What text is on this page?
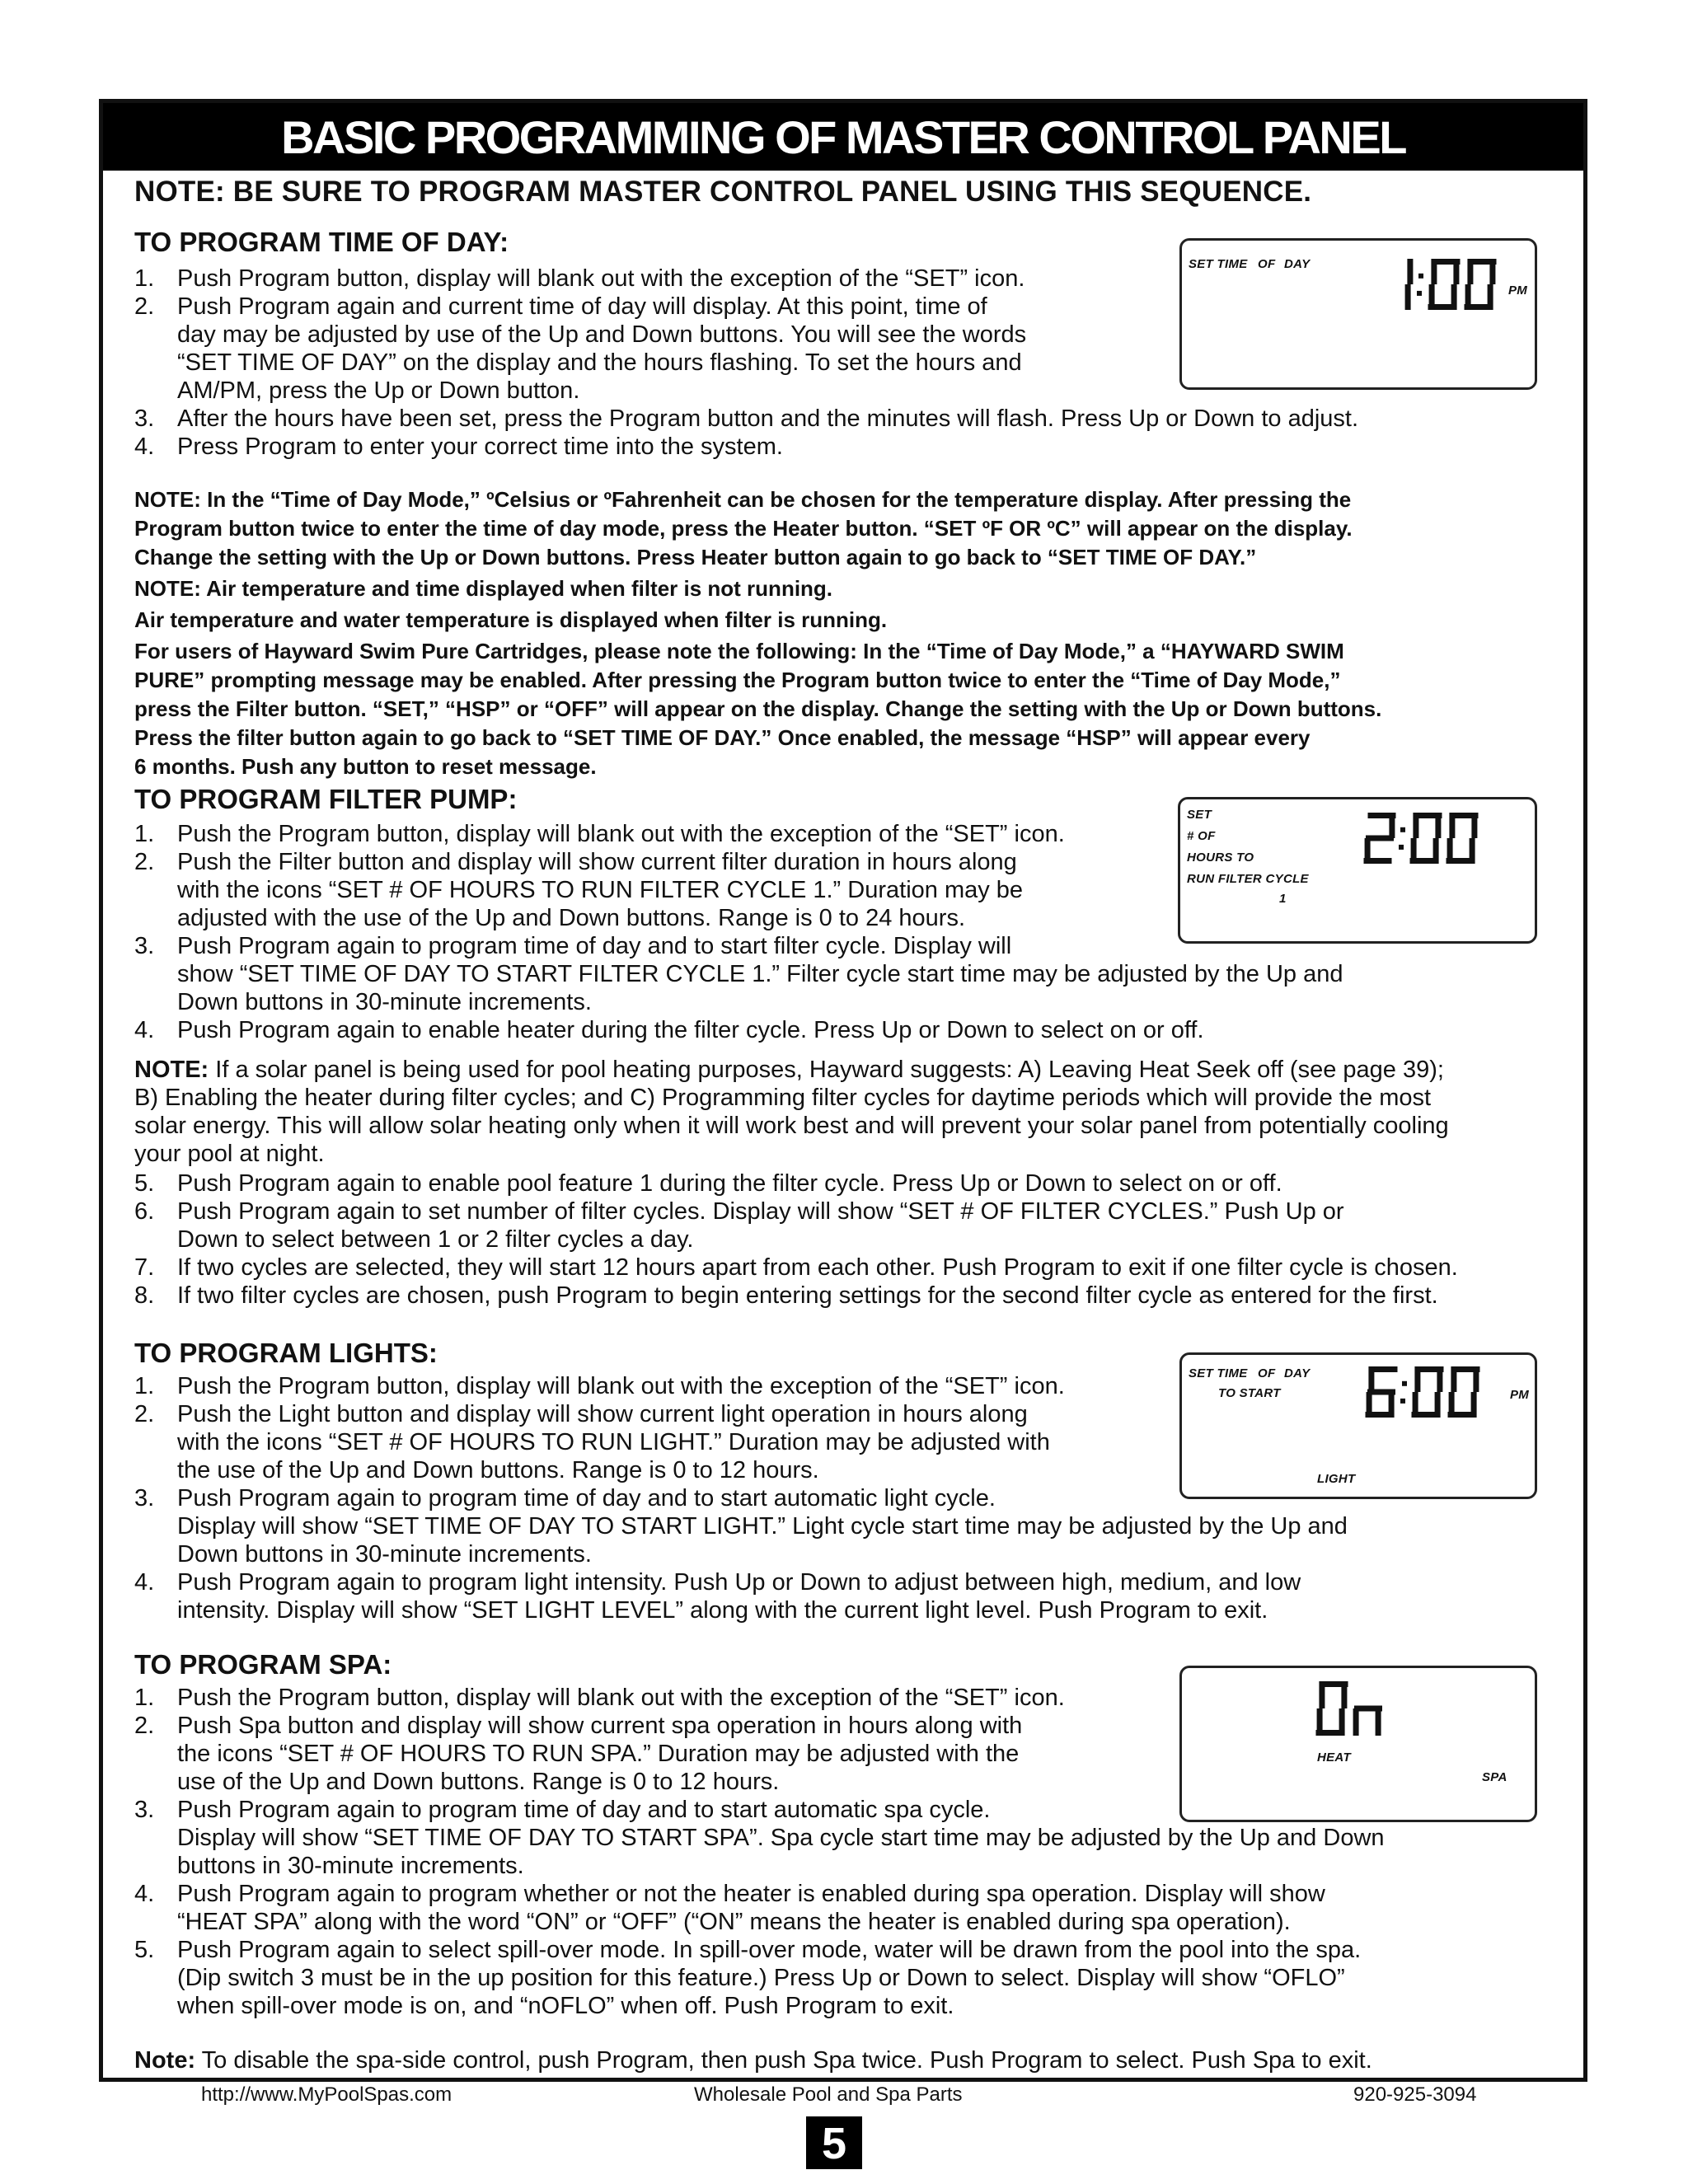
BASIC PROGRAMMING OF MASTER CONTROL PANEL
NOTE: BE SURE TO PROGRAM MASTER CONTROL PANEL USING THIS SEQUENCE.
TO PROGRAM TIME OF DAY:
1. Push Program button, display will blank out with the exception of the “SET” icon.
2. Push Program again and current time of day will display. At this point, time of
day may be adjusted by use of the Up and Down buttons. You will see the words
“SET TIME OF DAY” on the display and the hours flashing. To set the hours and
AM/PM, press the Up or Down button.
3. After the hours have been set, press the Program button and the minutes will flash. Press Up or Down to adjust.
4. Press Program to enter your correct time into the system.

NOTE: In the “Time of Day Mode,” ºCelsius or ºFahrenheit can be chosen for the temperature display. After pressing the
Program button twice to enter the time of day mode, press the Heater button. “SET ºF OR ºC” will appear on the display.
Change the setting with the Up or Down buttons. Press Heater button again to go back to “SET TIME OF DAY.”

NOTE: Air temperature and time displayed when filter is not running.

Air temperature and water temperature is displayed when filter is running.

For users of Hayward Swim Pure Cartridges, please note the following: In the “Time of Day Mode,” a “HAYWARD SWIM
PURE” prompting message may be enabled. After pressing the Program button twice to enter the “Time of Day Mode,”
press the Filter button. “SET,” “HSP” or “OFF” will appear on the display. Change the setting with the Up or Down buttons.
Press the filter button again to go back to “SET TIME OF DAY.” Once enabled, the message “HSP” will appear every
6 months. Push any button to reset message.

SET TIME OF DAY
PM
TO PROGRAM FILTER PUMP:
1. Push the Program button, display will blank out with the exception of the “SET” icon.
2. Push the Filter button and display will show current filter duration in hours along
with the icons “SET # OF HOURS TO RUN FILTER CYCLE 1.” Duration may be
adjusted with the use of the Up and Down buttons. Range is 0 to 24 hours.
3. Push Program again to program time of day and to start filter cycle. Display will
show “SET TIME OF DAY TO START FILTER CYCLE 1.” Filter cycle start time may be adjusted by the Up and
Down buttons in 30-minute increments.
4. Push Program again to enable heater during the filter cycle. Press Up or Down to select on or off.
NOTE: If a solar panel is being used for pool heating purposes, Hayward suggests: A) Leaving Heat Seek off (see page 39);
B) Enabling the heater during filter cycles; and C) Programming filter cycles for daytime periods which will provide the most
solar energy. This will allow solar heating only when it will work best and will prevent your solar panel from potentially cooling
your pool at night.
5. Push Program again to enable pool feature 1 during the filter cycle. Press Up or Down to select on or off.
6. Push Program again to set number of filter cycles. Display will show “SET # OF FILTER CYCLES.” Push Up or
Down to select between 1 or 2 filter cycles a day.
7. If two cycles are selected, they will start 12 hours apart from each other. Push Program to exit if one filter cycle is chosen.
8. If two filter cycles are chosen, push Program to begin entering settings for the second filter cycle as entered for the first.
SET
# OF
HOURS TO
RUN FILTER CYCLE
1
TO PROGRAM LIGHTS:
1. Push the Program button, display will blank out with the exception of the “SET” icon.
2. Push the Light button and display will show current light operation in hours along
with the icons “SET # OF HOURS TO RUN LIGHT.” Duration may be adjusted with
the use of the Up and Down buttons. Range is 0 to 12 hours.
3. Push Program again to program time of day and to start automatic light cycle.
Display will show “SET TIME OF DAY TO START LIGHT.” Light cycle start time may be adjusted by the Up and
Down buttons in 30-minute increments.
4. Push Program again to program light intensity. Push Up or Down to adjust between high, medium, and low
intensity. Display will show “SET LIGHT LEVEL” along with the current light level. Push Program to exit.
SET TIME OF DAY
TO START
LIGHT
PM
TO PROGRAM SPA:
1. Push the Program button, display will blank out with the exception of the “SET” icon.
2. Push Spa button and display will show current spa operation in hours along with
the icons “SET # OF HOURS TO RUN SPA.” Duration may be adjusted with the
use of the Up and Down buttons. Range is 0 to 12 hours.
3. Push Program again to program time of day and to start automatic spa cycle.
Display will show “SET TIME OF DAY TO START SPA”. Spa cycle start time may be adjusted by the Up and Down
buttons in 30-minute increments.
4. Push Program again to program whether or not the heater is enabled during spa operation. Display will show
“HEAT SPA” along with the word “ON” or “OFF” (“ON” means the heater is enabled during spa operation).
5. Push Program again to select spill-over mode. In spill-over mode, water will be drawn from the pool into the spa.
(Dip switch 3 must be in the up position for this feature.) Press Up or Down to select. Display will show “OFLO”
when spill-over mode is on, and “nOFLO” when off. Push Program to exit.
Note: To disable the spa-side control, push Program, then push Spa twice. Push Program to select. Push Spa to exit.
HEAT
SPA
http://www.MyPoolSpas.com	Wholesale Pool and Spa Parts	920-925-3094
5
